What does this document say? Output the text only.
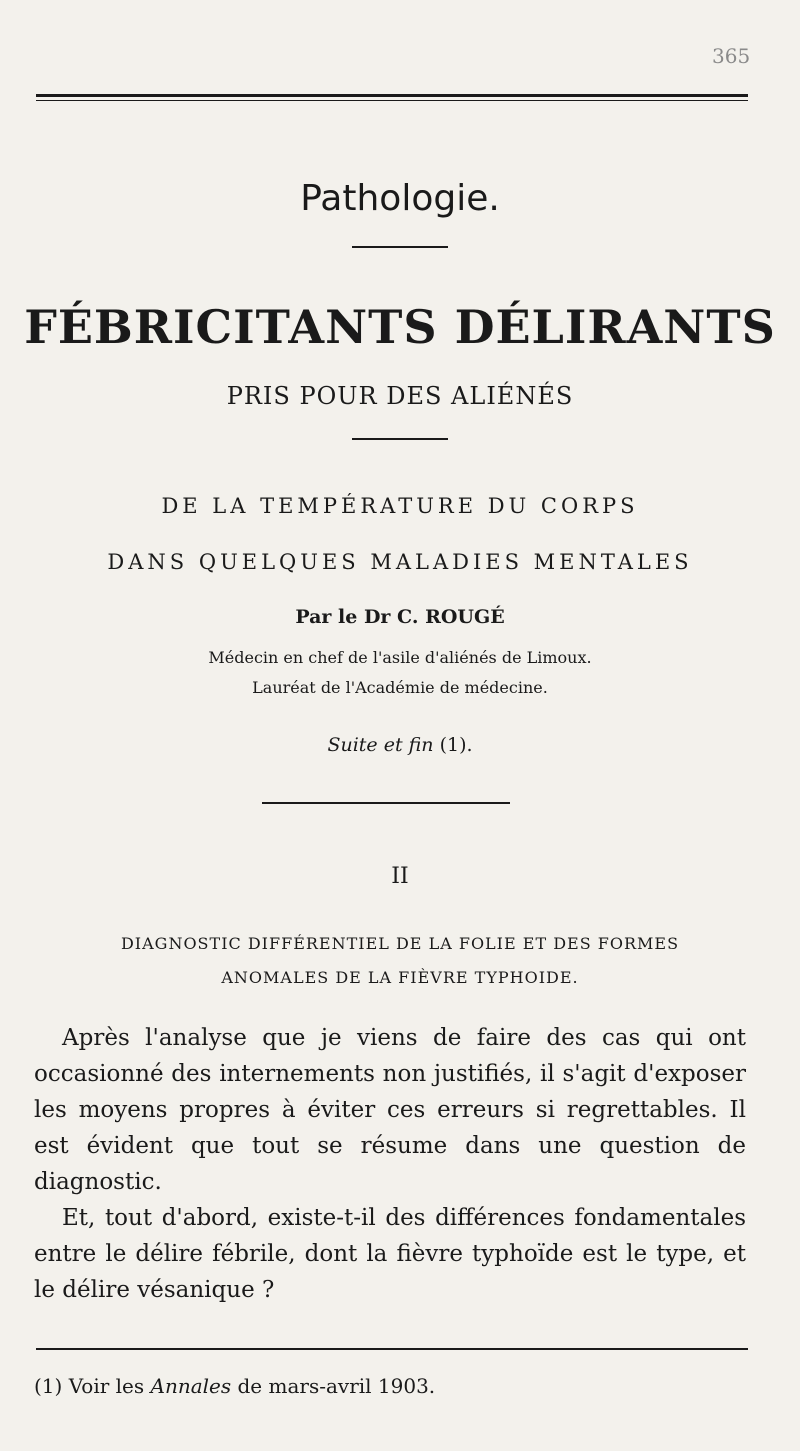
365
Pathologie.
FÉBRICITANTS DÉLIRANTS
PRIS POUR DES ALIÉNÉS
DE LA TEMPÉRATURE DU CORPS
DANS QUELQUES MALADIES MENTALES
Par le Dr C. ROUGÉ
Médecin en chef de l'asile d'aliénés de Limoux.
Lauréat de l'Académie de médecine.
Suite et fin (1).
II
DIAGNOSTIC DIFFÉRENTIEL DE LA FOLIE ET DES FORMES
ANOMALES DE LA FIÈVRE TYPHOIDE.

Après l'analyse que je viens de faire des cas qui ont occasionné des internements non justifiés, il s'agit d'exposer les moyens propres à éviter ces erreurs si regrettables. Il est évident que tout se résume dans une question de diagnostic.

Et, tout d'abord, existe-t-il des différences fondamentales entre le délire fébrile, dont la fièvre typhoïde est le type, et le délire vésanique ?

(1) Voir les Annales de mars-avril 1903.
